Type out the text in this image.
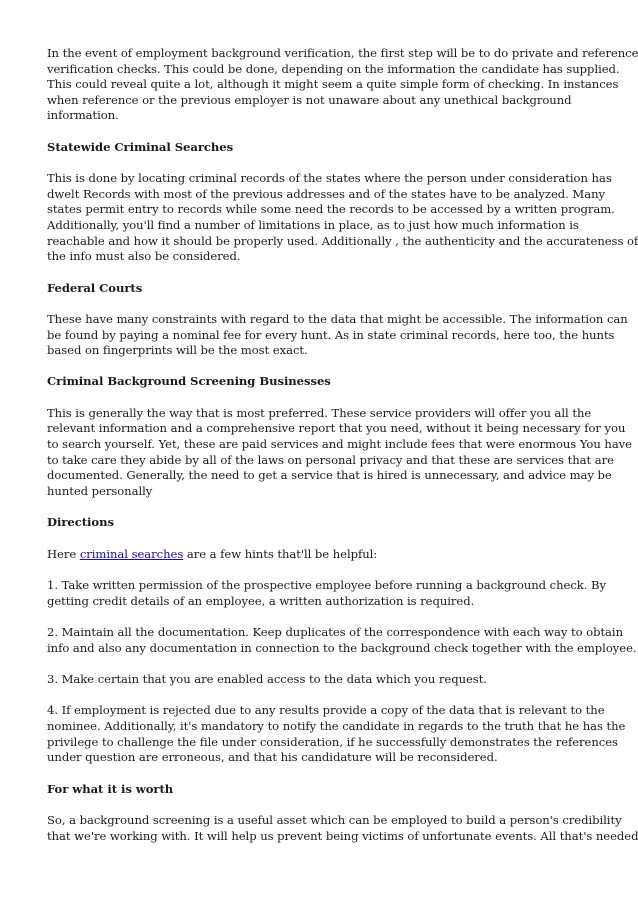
In the event of employment background verification, the first step will be to do private and reference
verification checks. This could be done, depending on the information the candidate has supplied.
This could reveal quite a lot, although it might seem a quite simple form of checking. In instances
when reference or the previous employer is not unaware about any unethical background
information.
Statewide Criminal Searches
This is done by locating criminal records of the states where the person under consideration has
dwelt Records with most of the previous addresses and of the states have to be analyzed. Many
states permit entry to records while some need the records to be accessed by a written program.
Additionally, you'll find a number of limitations in place, as to just how much information is
reachable and how it should be properly used. Additionally , the authenticity and the accurateness of
the info must also be considered.
Federal Courts
These have many constraints with regard to the data that might be accessible. The information can
be found by paying a nominal fee for every hunt. As in state criminal records, here too, the hunts
based on fingerprints will be the most exact.
Criminal Background Screening Businesses
This is generally the way that is most preferred. These service providers will offer you all the
relevant information and a comprehensive report that you need, without it being necessary for you
to search yourself. Yet, these are paid services and might include fees that were enormous You have
to take care they abide by all of the laws on personal privacy and that these are services that are
documented. Generally, the need to get a service that is hired is unnecessary, and advice may be
hunted personally
Directions
Here criminal searches are a few hints that'll be helpful:
1. Take written permission of the prospective employee before running a background check. By
getting credit details of an employee, a written authorization is required.
2. Maintain all the documentation. Keep duplicates of the correspondence with each way to obtain
info and also any documentation in connection to the background check together with the employee.
3. Make certain that you are enabled access to the data which you request.
4. If employment is rejected due to any results provide a copy of the data that is relevant to the
nominee. Additionally, it's mandatory to notify the candidate in regards to the truth that he has the
privilege to challenge the file under consideration, if he successfully demonstrates the references
under question are erroneous, and that his candidature will be reconsidered.
For what it is worth
So, a background screening is a useful asset which can be employed to build a person's credibility
that we're working with. It will help us prevent being victims of unfortunate events. All that's needed
